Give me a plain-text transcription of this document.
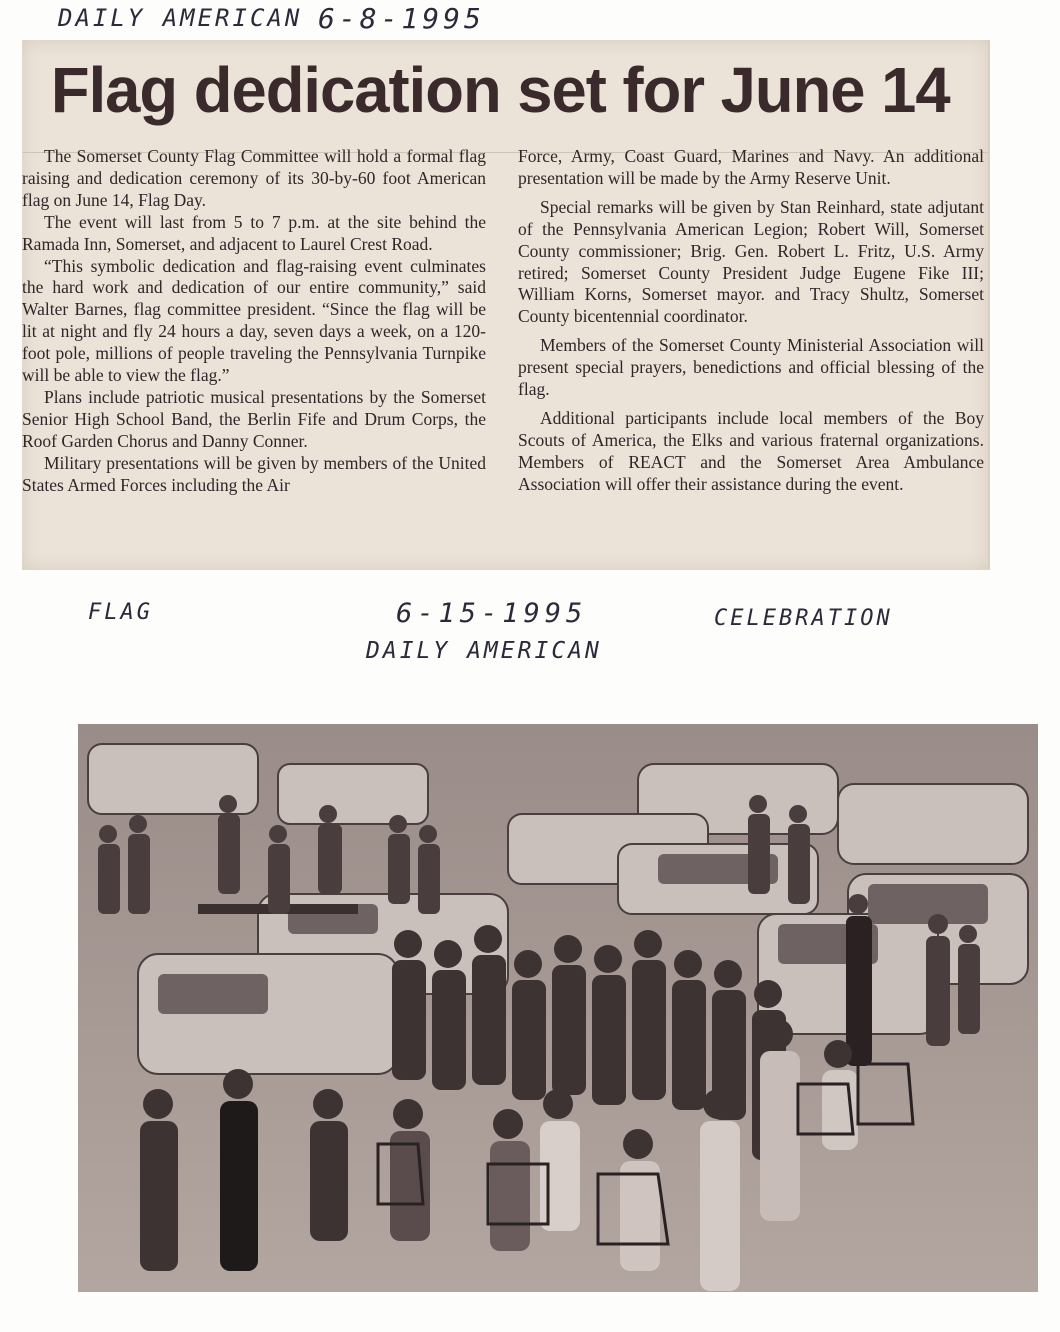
DAILY AMERICAN 6-8-1995
Flag dedication set for June 14

The Somerset County Flag Committee will hold a formal flag raising and dedication ceremony of its 30-by-60 foot American flag on June 14, Flag Day.

The event will last from 5 to 7 p.m. at the site behind the Ramada Inn, Somerset, and adjacent to Laurel Crest Road.

“This symbolic dedication and flag-raising event culminates the hard work and dedication of our entire community,” said Walter Barnes, flag committee president. “Since the flag will be lit at night and fly 24 hours a day, seven days a week, on a 120-foot pole, millions of people traveling the Pennsylvania Turnpike will be able to view the flag.”

Plans include patriotic musical presentations by the Somerset Senior High School Band, the Berlin Fife and Drum Corps, the Roof Garden Chorus and Danny Conner.

Military presentations will be given by members of the United States Armed Forces including the Air

Force, Army, Coast Guard, Marines and Navy. An additional presentation will be made by the Army Reserve Unit.

Special remarks will be given by Stan Reinhard, state adjutant of the Pennsylvania American Legion; Robert Will, Somerset County commissioner; Brig. Gen. Robert L. Fritz, U.S. Army retired; Somerset County President Judge Eugene Fike III; William Korns, Somerset mayor. and Tracy Shultz, Somerset County bicentennial coordinator.

Members of the Somerset County Ministerial Association will present special prayers, benedictions and official blessing of the flag.

Additional participants include local members of the Boy Scouts of America, the Elks and various fraternal organizations. Members of REACT and the Somerset Area Ambulance Association will offer their assistance during the event.

FLAG	6-15-1995
DAILY AMERICAN
CELEBRATION
